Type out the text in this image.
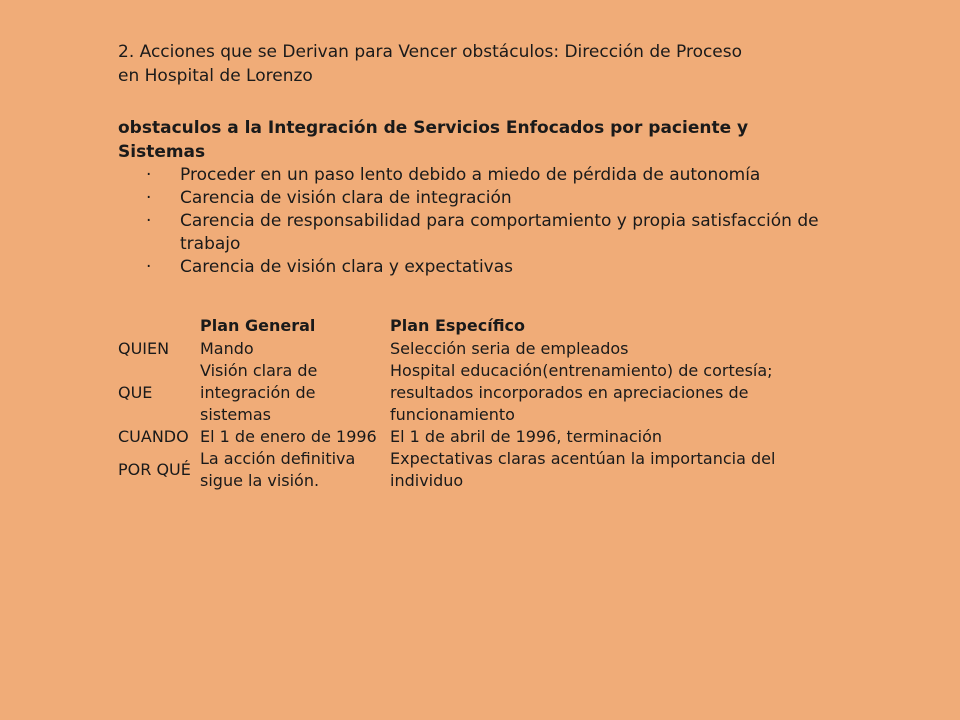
2. Acciones que se Derivan para Vencer obstáculos: Dirección de Proceso
en Hospital de Lorenzo
obstaculos a la Integración de Servicios Enfocados por paciente y Sistemas
· Proceder en un paso lento debido a miedo de pérdida de autonomía
· Carencia de visión clara de integración
· Carencia de responsabilidad para comportamiento y propia satisfacción de trabajo
· Carencia de visión clara y expectativas
	Plan General	Plan Específico
QUIEN	Mando	Selección seria de empleados
QUE	Visión clara de integración de sistemas	Hospital educación(entrenamiento) de cortesía; resultados incorporados en apreciaciones de funcionamiento
CUANDO	El 1 de enero de 1996	El 1 de abril de 1996, terminación
POR QUÉ	La acción definitiva sigue la visión.	Expectativas claras acentúan la importancia del individuo
